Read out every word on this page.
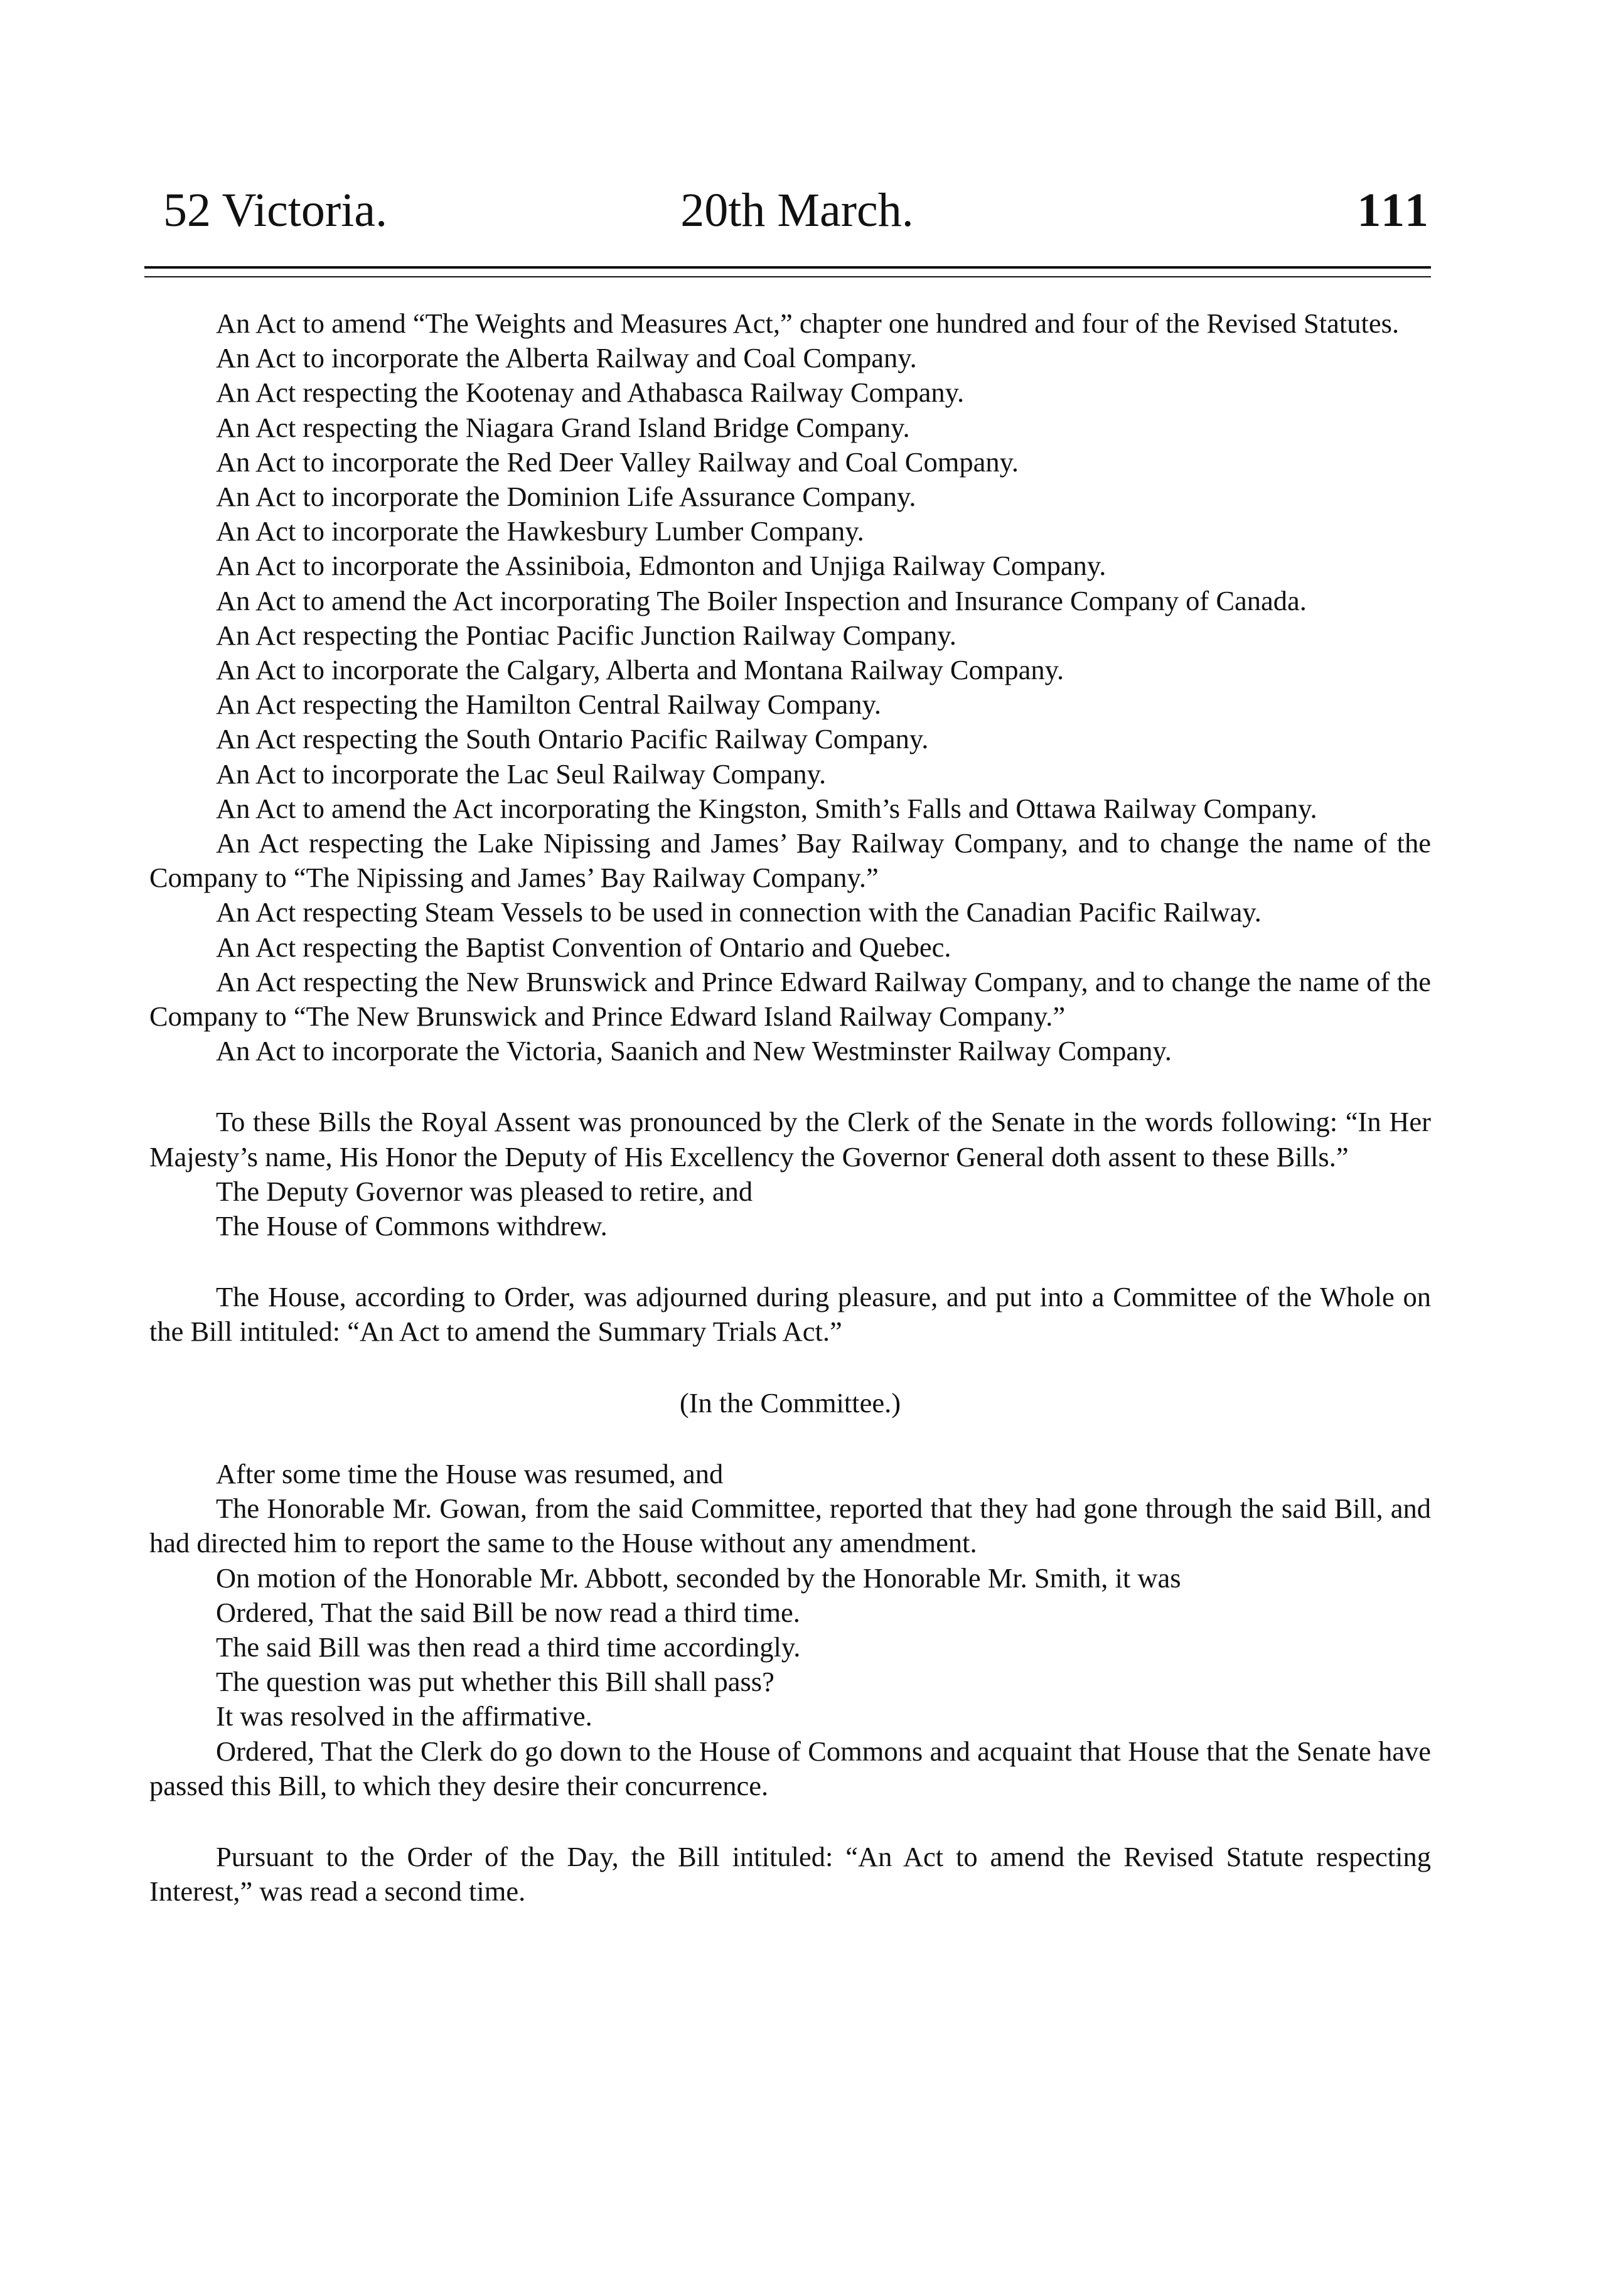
52 Victoria.	20th March.	111

An Act to amend “The Weights and Measures Act,” chapter one hundred and four of the Revised Statutes.

An Act to incorporate the Alberta Railway and Coal Company.

An Act respecting the Kootenay and Athabasca Railway Company.

An Act respecting the Niagara Grand Island Bridge Company.

An Act to incorporate the Red Deer Valley Railway and Coal Company.

An Act to incorporate the Dominion Life Assurance Company.

An Act to incorporate the Hawkesbury Lumber Company.

An Act to incorporate the Assiniboia, Edmonton and Unjiga Railway Company.

An Act to amend the Act incorporating The Boiler Inspection and Insurance Company of Canada.

An Act respecting the Pontiac Pacific Junction Railway Company.

An Act to incorporate the Calgary, Alberta and Montana Railway Company.

An Act respecting the Hamilton Central Railway Company.

An Act respecting the South Ontario Pacific Railway Company.

An Act to incorporate the Lac Seul Railway Company.

An Act to amend the Act incorporating the Kingston, Smith’s Falls and Ottawa Railway Company.

An Act respecting the Lake Nipissing and James’ Bay Railway Company, and to change the name of the Company to “The Nipissing and James’ Bay Railway Company.”

An Act respecting Steam Vessels to be used in connection with the Canadian Pacific Railway.

An Act respecting the Baptist Convention of Ontario and Quebec.

An Act respecting the New Brunswick and Prince Edward Railway Company, and to change the name of the Company to “The New Brunswick and Prince Edward Island Railway Company.”

An Act to incorporate the Victoria, Saanich and New Westminster Railway Company.

To these Bills the Royal Assent was pronounced by the Clerk of the Senate in the words following: “In Her Majesty’s name, His Honor the Deputy of His Excellency the Governor General doth assent to these Bills.”

The Deputy Governor was pleased to retire, and

The House of Commons withdrew.

The House, according to Order, was adjourned during pleasure, and put into a Committee of the Whole on the Bill intituled: “An Act to amend the Summary Trials Act.”

(In the Committee.)

After some time the House was resumed, and

The Honorable Mr. Gowan, from the said Committee, reported that they had gone through the said Bill, and had directed him to report the same to the House without any amendment.

On motion of the Honorable Mr. Abbott, seconded by the Honorable Mr. Smith, it was

Ordered, That the said Bill be now read a third time.

The said Bill was then read a third time accordingly.

The question was put whether this Bill shall pass?

It was resolved in the affirmative.

Ordered, That the Clerk do go down to the House of Commons and acquaint that House that the Senate have passed this Bill, to which they desire their concurrence.

Pursuant to the Order of the Day, the Bill intituled: “An Act to amend the Revised Statute respecting Interest,” was read a second time.
